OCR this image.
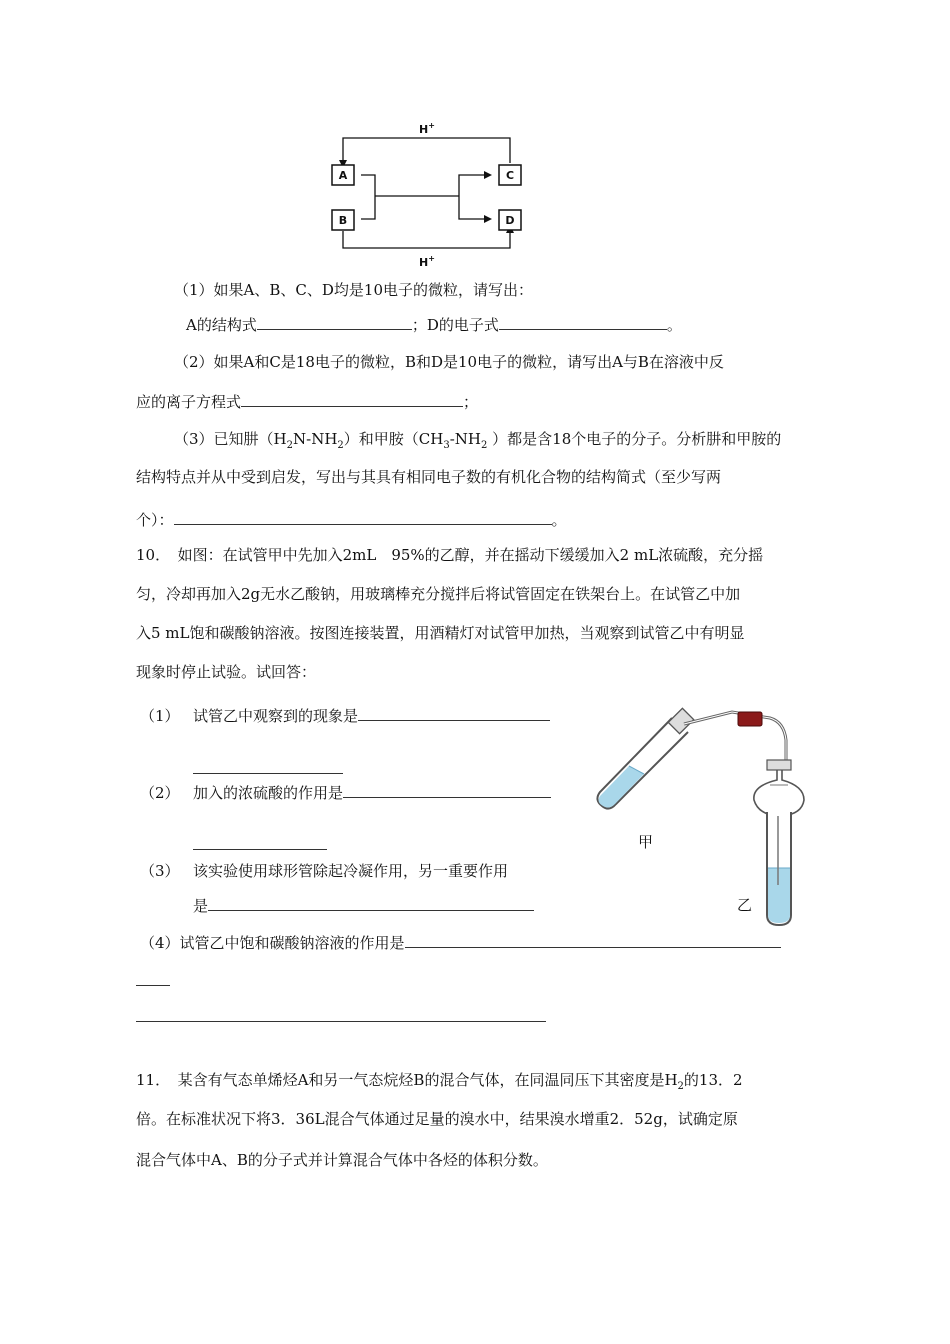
A
B
C
D
H+
H+
（1）如果A、B、C、D均是10电子的微粒，请写出：
A的结构式	；D的电子式	。
（2）如果A和C是18电子的微粒，B和D是10电子的微粒，请写出A与B在溶液中反
应的离子方程式	；
（3）已知肼$(H_2N-NH_2)$和甲胺（$CH_3-NH_2$ ）都是含18个电子的分子。分析肼和甲胺的
结构特点并从中受到启发，写出与其具有相同电子数的有机化合物的结构简式（至少写两
个）：	。
10．　如图：在试管甲中先加入2mL　95%的乙醇，并在摇动下缓缓加入2 mL浓硫酸，充分摇
匀，冷却再加入2g无水乙酸钠，用玻璃棒充分搅拌后将试管固定在铁架台上。在试管乙中加
入5 mL饱和碳酸钠溶液。按图连接装置，用酒精灯对试管甲加热，当观察到试管乙中有明显
现象时停止试验。试回答：
（1） 试管乙中观察到的现象是
（2） 加入的浓硫酸的作用是
（3） 该实验使用球形管除起冷凝作用，另一重要作用
是
（4）试管乙中饱和碳酸钠溶液的作用是
甲
乙
11．　某含有气态单烯烃A和另一气态烷烃B的混合气体，在同温同压下其密度是$H_2$的13．2
倍。在标准状况下将3．36L混合气体通过足量的溴水中，结果溴水增重2．52g，试确定原
混合气体中A、B的分子式并计算混合气体中各烃的体积分数。
